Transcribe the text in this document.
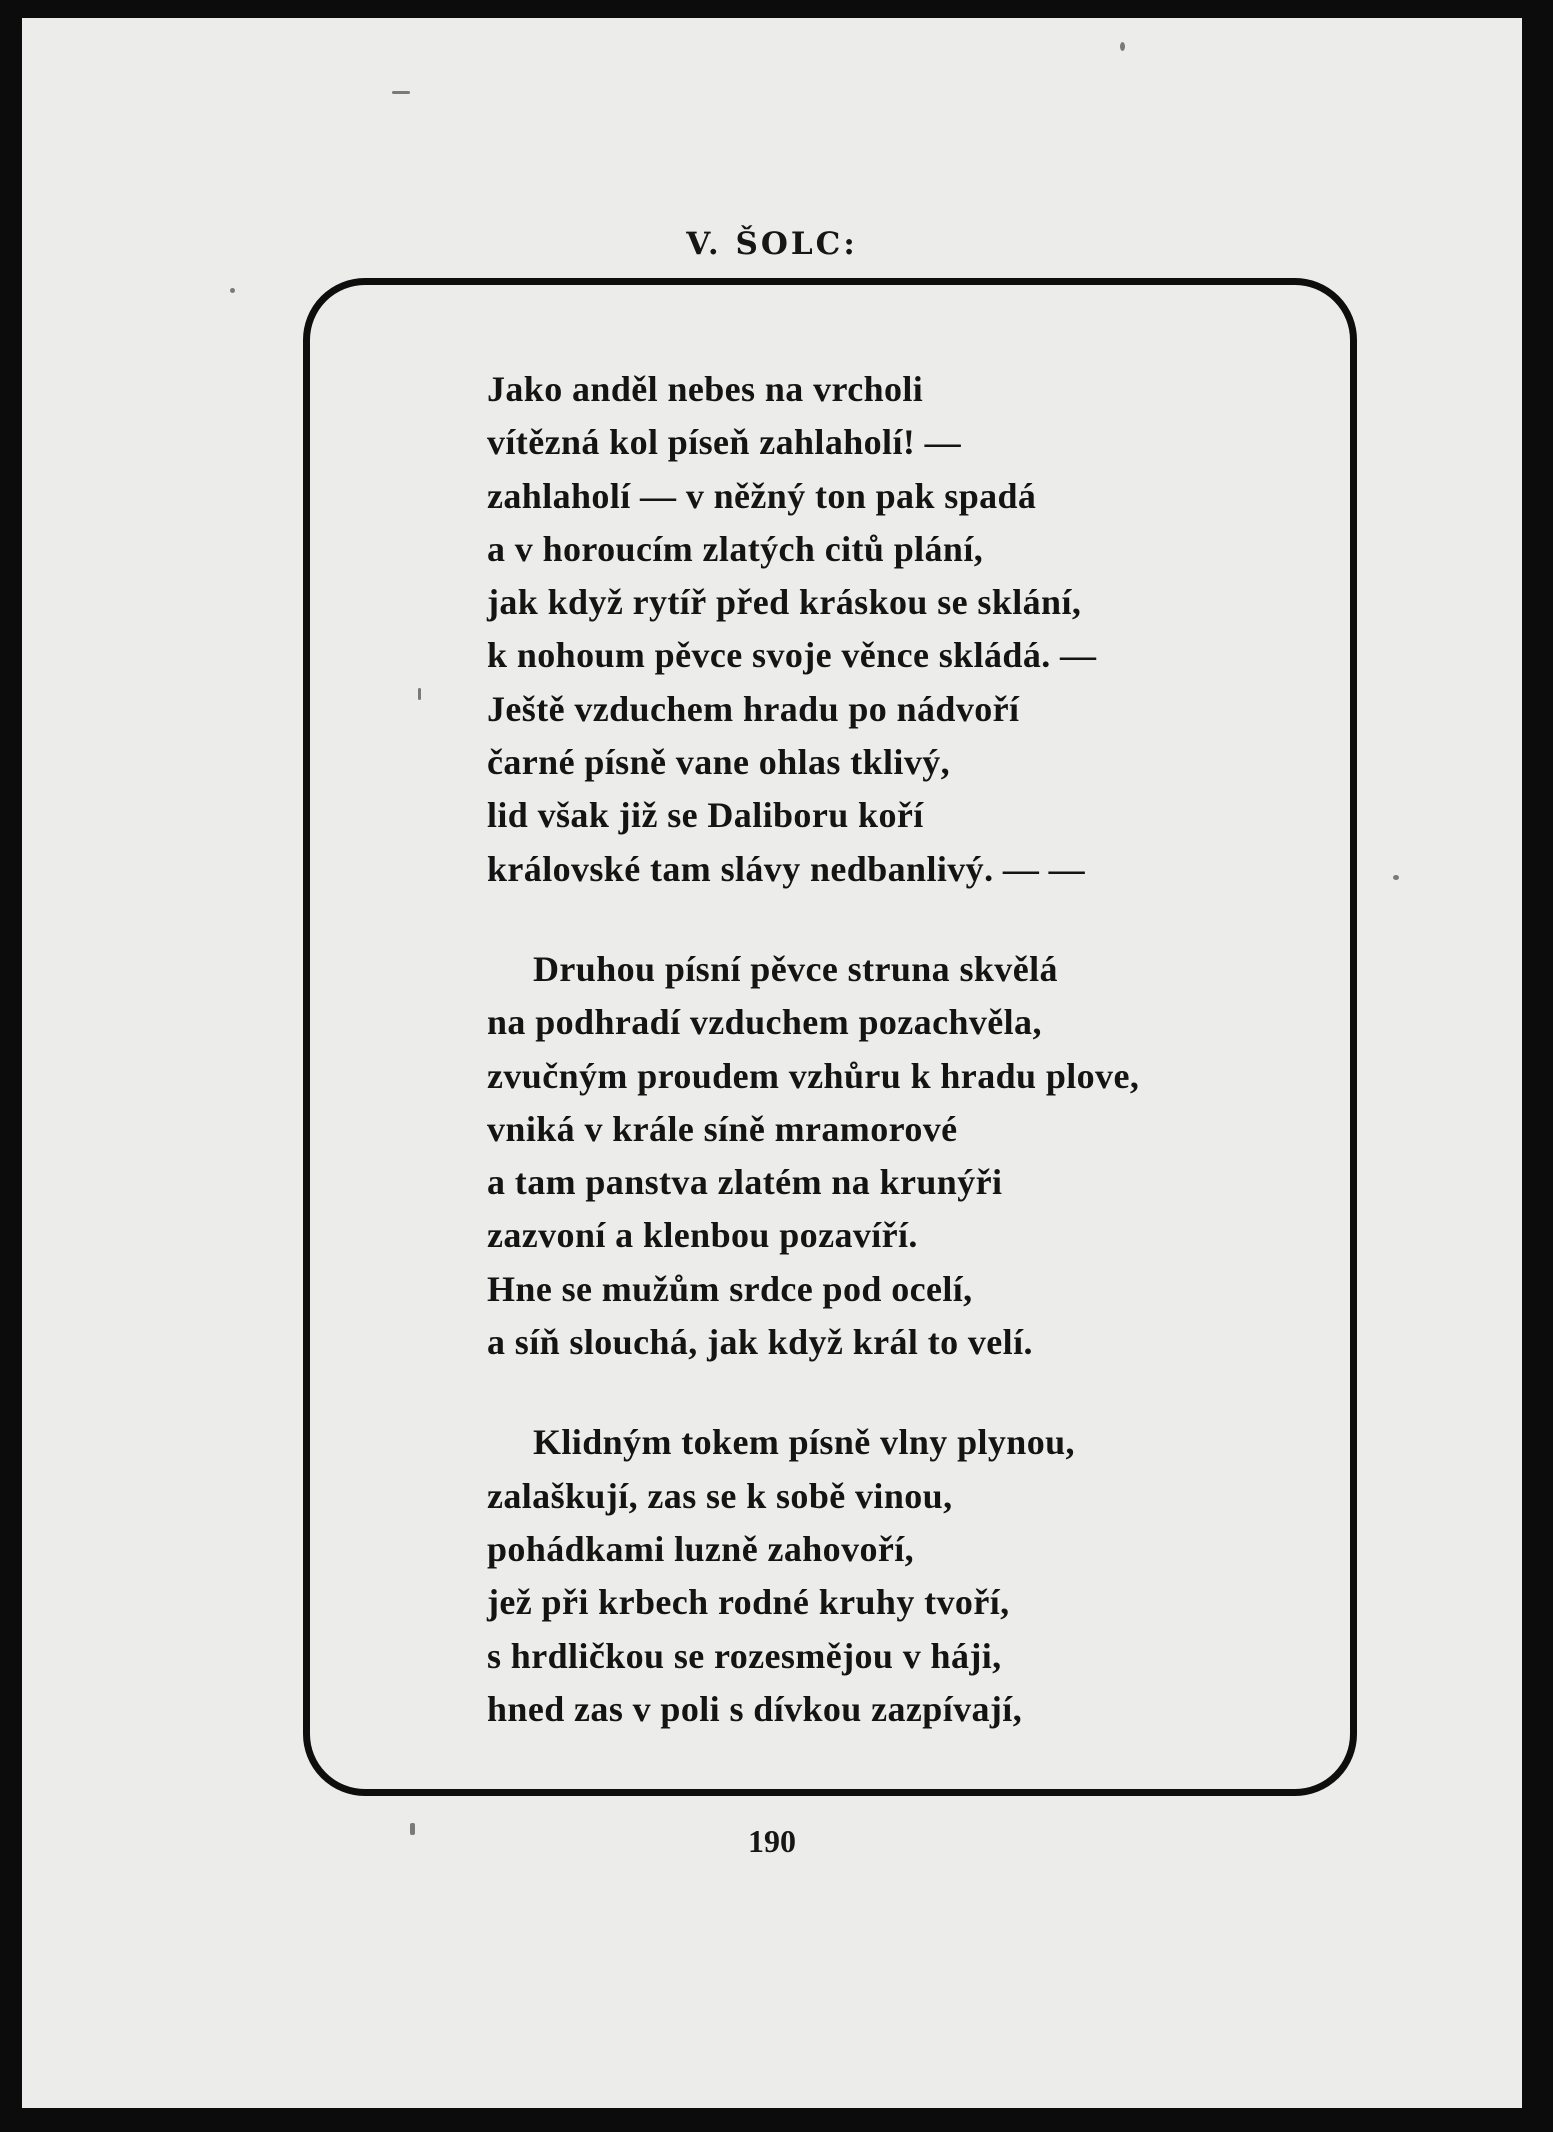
V. ŠOLC:
Jako anděl nebes na vrcholi
vítězná kol píseň zahlaholí! —
zahlaholí — v něžný ton pak spadá
a v horoucím zlatých citů plání,
jak když rytíř před kráskou se sklání,
k nohoum pěvce svoje věnce skládá. —
Ještě vzduchem hradu po nádvoří
čarné písně vane ohlas tklivý,
lid však již se Daliboru koří
královské tam slávy nedbanlivý. — —
Druhou písní pěvce struna skvělá
na podhradí vzduchem pozachvěla,
zvučným proudem vzhůru k hradu plove,
vniká v krále síně mramorové
a tam panstva zlatém na krunýři
zazvoní a klenbou pozavíří.
Hne se mužům srdce pod ocelí,
a síň slouchá, jak když král to velí.
Klidným tokem písně vlny plynou,
zalaškují, zas se k sobě vinou,
pohádkami luzně zahovoří,
jež při krbech rodné kruhy tvoří,
s hrdličkou se rozesmějou v háji,
hned zas v poli s dívkou zazpívají,
190
